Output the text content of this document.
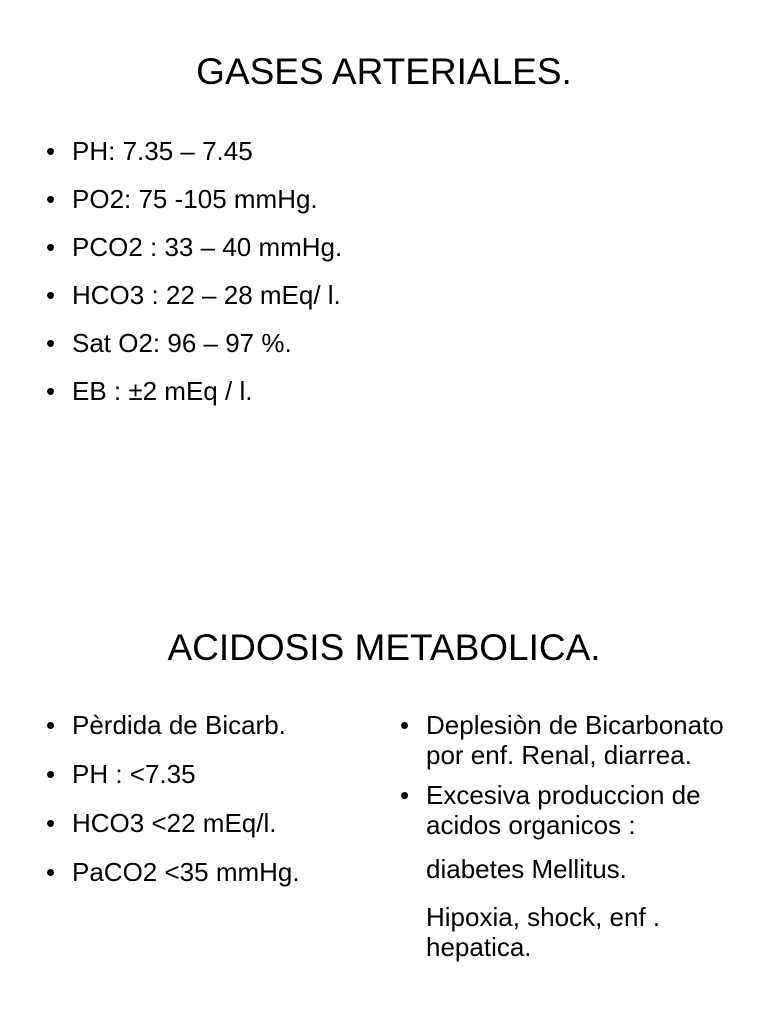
GASES ARTERIALES.
• PH: 7.35 – 7.45
• PO2: 75 -105 mmHg.
• PCO2 : 33 – 40 mmHg.
• HCO3 : 22 – 28 mEq/ l.
• Sat O2: 96 – 97 %.
• EB : ±2 mEq / l.
ACIDOSIS METABOLICA.
• Pèrdida de Bicarb.
• PH : <7.35
• HCO3 <22 mEq/l.
• PaCO2 <35 mmHg.
• Deplesiòn de Bicarbonato por enf. Renal, diarrea.
• Excesiva produccion de acidos organicos :
diabetes Mellitus.
Hipoxia, shock, enf . hepatica.
